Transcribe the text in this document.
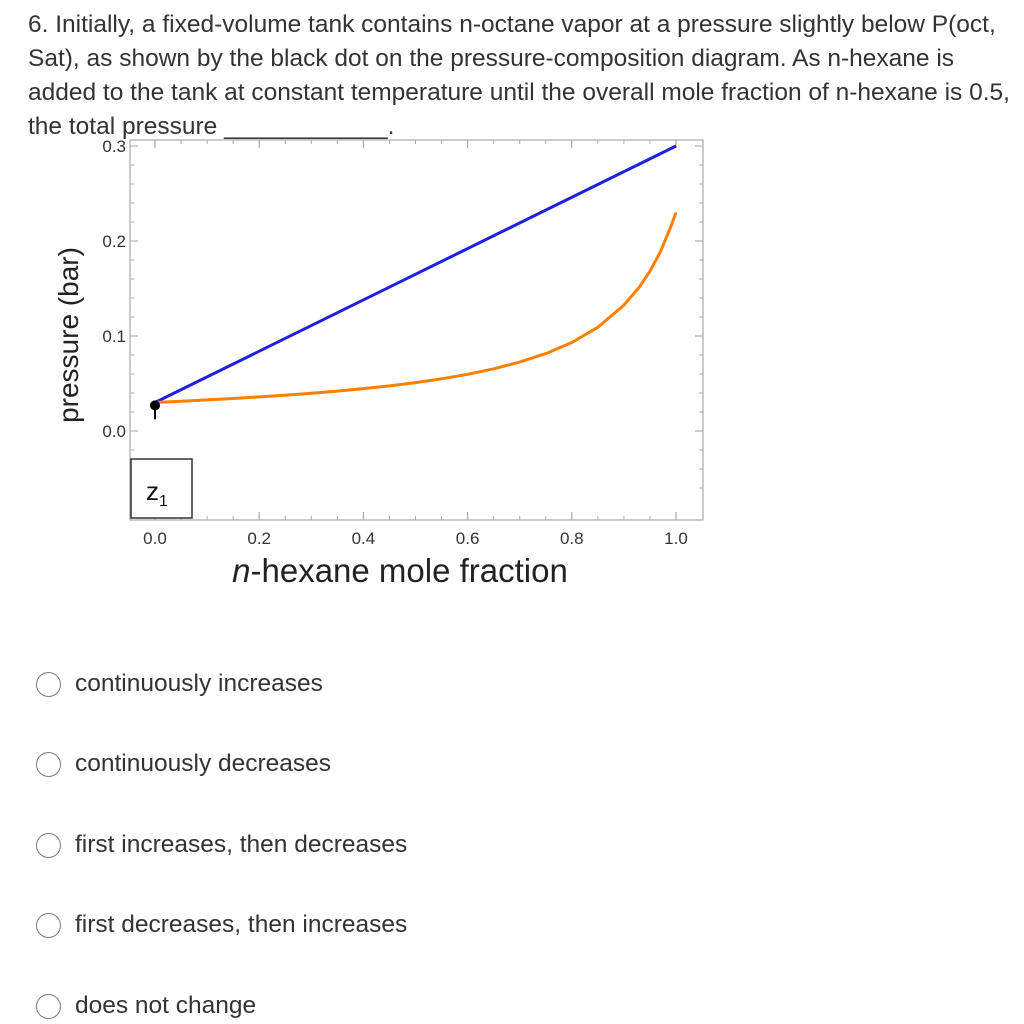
6. Initially, a fixed-volume tank contains n-octane vapor at a pressure slightly below P(oct, Sat), as shown by the black dot on the pressure-composition diagram. As n-hexane is added to the tank at constant temperature until the overall mole fraction of n-hexane is 0.5, the total pressure ____________.

0.0	0.2	0.4	0.6	0.8	1.0
0.0
0.1
0.2
0.3
$z_1$
pressure (bar)
n-hexane mole fraction
continuously increases
continuously decreases
first increases, then decreases
first decreases, then increases
does not change
